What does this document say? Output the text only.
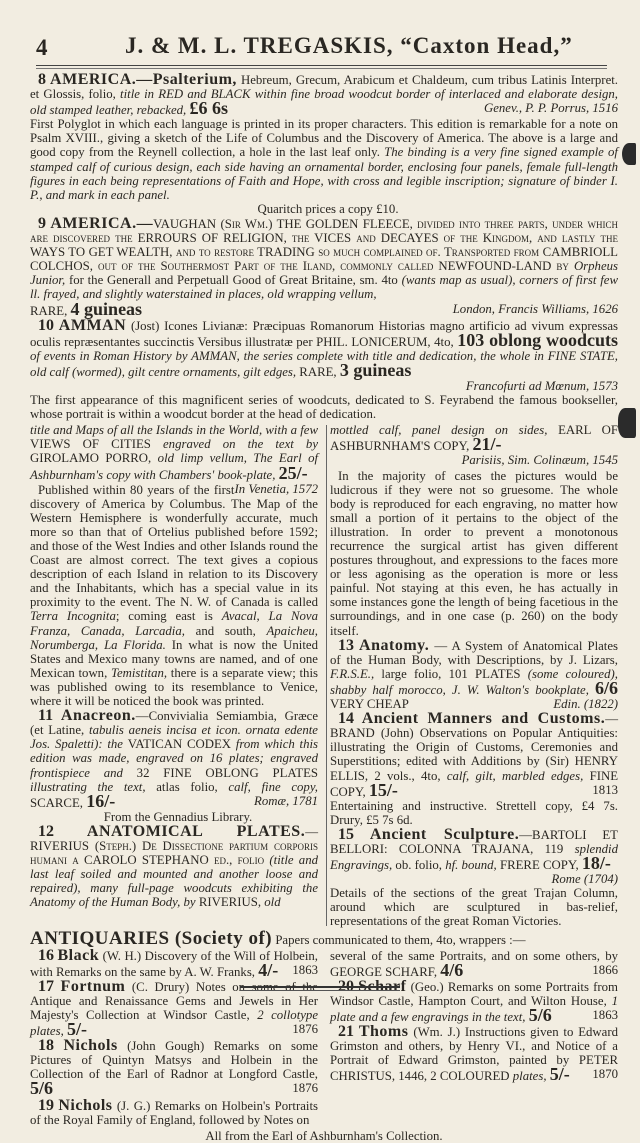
4	J. & M. L. TREGASKIS, “Caxton Head,”

8 AMERICA.—Psalterium, Hebreum, Grecum, Arabicum et Chaldeum, cum tribus Latinis Interpret. et Glossis, folio, title in RED and BLACK within fine broad woodcut border of interlaced and elaborate design, old stamped leather, rebacked, £6 6s	Genev., P. P. Porrus, 1516

First Polyglot in which each language is printed in its proper characters. This edition is remarkable for a note on Psalm XVIII., giving a sketch of the Life of Columbus and the Discovery of America. The above is a large and good copy from the Reynell collection, a hole in the last leaf only. The binding is a very fine signed example of stamped calf of curious design, each side having an ornamental border, enclosing four panels, female full-length figures in each being representations of Faith and Hope, with cross and legible inscription; signature of binder I. P., and mark in each panel.
Quaritch prices a copy £10.

9 AMERICA.—VAUGHAN (Sir Wm.) THE GOLDEN FLEECE, divided into three parts, under which are discovered the ERROURS OF RELIGION, the VICES and DECAYES of the Kingdom, and lastly the WAYS TO GET WEALTH, and to restore TRADING so much complained of. Transported from CAMBRIOLL COLCHOS, out of the Southermost Part of the Iland, commonly called NEWFOUND-LAND by Orpheus Junior, for the Generall and Perpetuall Good of Great Britaine, sm. 4to (wants map as usual), corners of first few ll. frayed, and slightly waterstained in places, old wrapping vellum,
RARE, 4 guineas	London, Francis Williams, 1626

10 AMMAN (Jost) Icones Livianæ: Præcipuas Romanorum Historias magno artificio ad vivum expressas oculis repræsentantes succinctis Versibus illustratæ per PHIL. LONICERUM, 4to, 103 oblong woodcuts of events in Roman History by AMMAN, the series complete with title and dedication, the whole in FINE STATE, old calf (wormed), gilt centre ornaments, gilt edges, RARE, 3 guineas
Francofurti ad Mœnum, 1573
The first appearance of this magnificent series of woodcuts, dedicated to S. Feyrabend the famous bookseller, whose portrait is within a woodcut border at the head of dedication.

title and Maps of all the Islands in the World, with a few VIEWS OF CITIES engraved on the text by GIROLAMO PORRO, old limp vellum, The Earl of Ashburnham's copy with Chambers' book-plate, 25/-
In Venetia, 1572

Published within 80 years of the first discovery of America by Columbus. The Map of the Western Hemisphere is wonderfully accurate, much more so than that of Ortelius published before 1592; and those of the West Indies and other Islands round the Coast are almost correct. The text gives a copious description of each Island in relation to its Discovery and the Inhabitants, which has a special value in its proximity to the event. The N. W. of Canada is called Terra Incognita; coming east is Avacal, La Nova Franza, Canada, Larcadia, and south, Apaicheu, Norumberga, La Florida. In what is now the United States and Mexico many towns are named, and of one Mexican town, Temistitan, there is a separate view; this was published owing to its resemblance to Venice, where it will be noticed the book was printed.

11 Anacreon.—Convivialia Semiambia, Græce (et Latine, tabulis aeneis incisa et icon. ornata edente Jos. Spaletti): the VATICAN CODEX from which this edition was made, engraved on 16 plates; engraved frontispiece and 32 FINE OBLONG PLATES illustrating the text, atlas folio, calf, fine copy, SCARCE, 16/-	Romæ, 1781
From the Gennadius Library.

12 ANATOMICAL PLATES.— RIVERIUS (Steph.) De Dissectione partium corporis humani a CAROLO STEPHANO ed., folio (title and last leaf soiled and mounted and another loose and repaired), many full-page woodcuts exhibiting the Anatomy of the Human Body, by RIVERIUS, old

mottled calf, panel design on sides, EARL OF ASHBURNHAM'S COPY, 21/-
Parisiis, Sim. Colinæum, 1545

In the majority of cases the pictures would be ludicrous if they were not so gruesome. The whole body is reproduced for each engraving, no matter how small a portion of it pertains to the object of the illustration. In order to prevent a monotonous recurrence the surgical artist has given different postures throughout, and expressions to the faces more or less agonising as the operation is more or less painful. Not staying at this even, he has actually in some instances gone the length of being facetious in the surroundings, and in one case (p. 260) on the body itself.

13 Anatomy. — A System of Anatomical Plates of the Human Body, with Descriptions, by J. Lizars, F.R.S.E., large folio, 101 PLATES (some coloured), shabby half morocco, J. W. Walton's bookplate, 6/6 VERY CHEAP	Edin. (1822)

14 Ancient Manners and Customs.—BRAND (John) Observations on Popular Antiquities: illustrating the Origin of Customs, Ceremonies and Superstitions; edited with Additions by (Sir) HENRY ELLIS, 2 vols., 4to, calf, gilt, marbled edges, FINE COPY, 15/-	1813

Entertaining and instructive. Strettell copy, £4 7s. Drury, £5 7s 6d.

15 Ancient Sculpture.—BARTOLI ET BELLORI: COLONNA TRAJANA, 119 splendid Engravings, ob. folio, hf. bound, FRERE COPY, 18/-
Rome (1704)
Details of the sections of the great Trajan Column, around which are sculptured in bas-relief, representations of the great Roman Victories.

ANTIQUARIES (Society of) Papers communicated to them, 4to, wrappers :—

16 Black (W. H.) Discovery of the Will of Holbein, with Remarks on the same by A. W. Franks, 4/-	1863

17 Fortnum (C. Drury) Notes on some of the Antique and Renaissance Gems and Jewels in Her Majesty's Collection at Windsor Castle, 2 collotype plates, 5/-	1876

18 Nichols (John Gough) Remarks on some Pictures of Quintyn Matsys and Holbein in the Collection of the Earl of Radnor at Longford Castle, 5/6	1876

19 Nichols (J. G.) Remarks on Holbein's Portraits of the Royal Family of England, followed by Notes on

several of the same Portraits, and on some others, by GEORGE SCHARF, 4/6	1866

20 Scharf (Geo.) Remarks on some Portraits from Windsor Castle, Hampton Court, and Wilton House, 1 plate and a few engravings in the text, 5/6	1863

21 Thoms (Wm. J.) Instructions given to Edward Grimston and others, by Henry VI., and Notice of a Portrait of Edward Grimston, painted by PETER CHRISTUS, 1446, 2 COLOURED plates, 5/-	1870

All from the Earl of Ashburnham's Collection.
